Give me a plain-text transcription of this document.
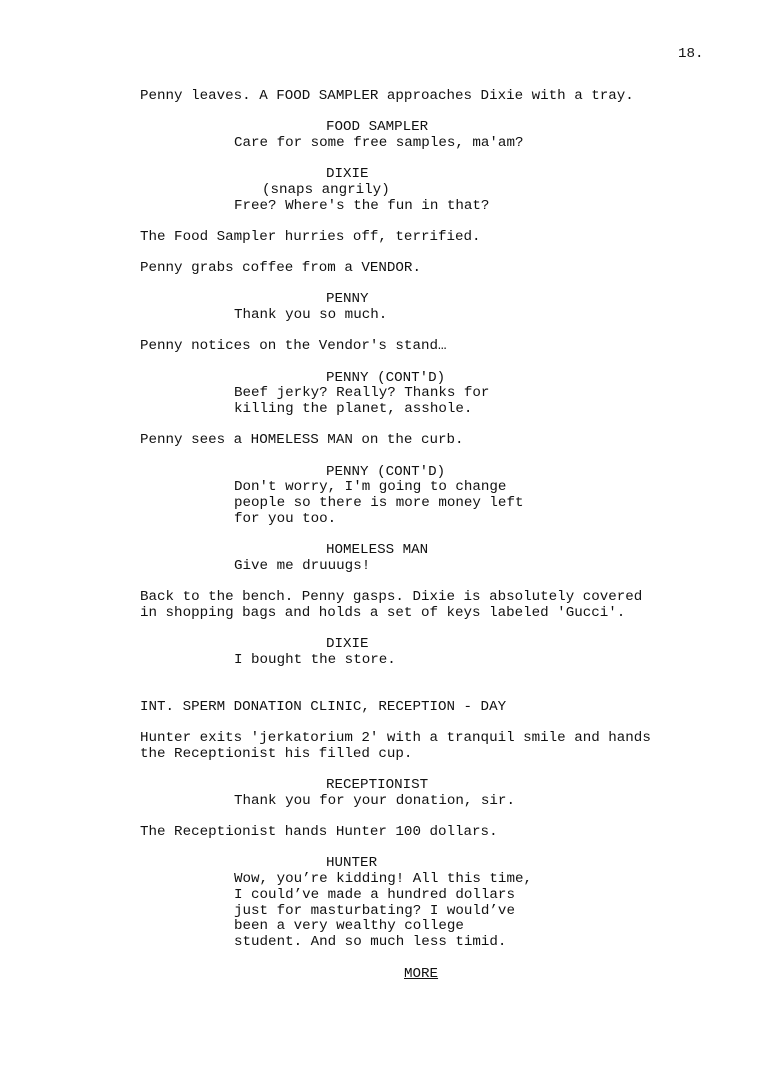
18.
Penny leaves. A FOOD SAMPLER approaches Dixie with a tray.
FOOD SAMPLER
Care for some free samples, ma'am?
DIXIE
(snaps angrily)
Free? Where's the fun in that?
The Food Sampler hurries off, terrified.
Penny grabs coffee from a VENDOR.
PENNY
Thank you so much.
Penny notices on the Vendor's stand…
PENNY (CONT'D)
Beef jerky? Really? Thanks for
killing the planet, asshole.
Penny sees a HOMELESS MAN on the curb.
PENNY (CONT'D)
Don't worry, I'm going to change
people so there is more money left
for you too.
HOMELESS MAN
Give me druuugs!
Back to the bench. Penny gasps. Dixie is absolutely covered
in shopping bags and holds a set of keys labeled 'Gucci'.
DIXIE
I bought the store.
INT. SPERM DONATION CLINIC, RECEPTION - DAY
Hunter exits 'jerkatorium 2' with a tranquil smile and hands
the Receptionist his filled cup.
RECEPTIONIST
Thank you for your donation, sir.
The Receptionist hands Hunter 100 dollars.
HUNTER
Wow, you’re kidding! All this time,
I could’ve made a hundred dollars
just for masturbating? I would’ve
been a very wealthy college
student. And so much less timid.
MORE
